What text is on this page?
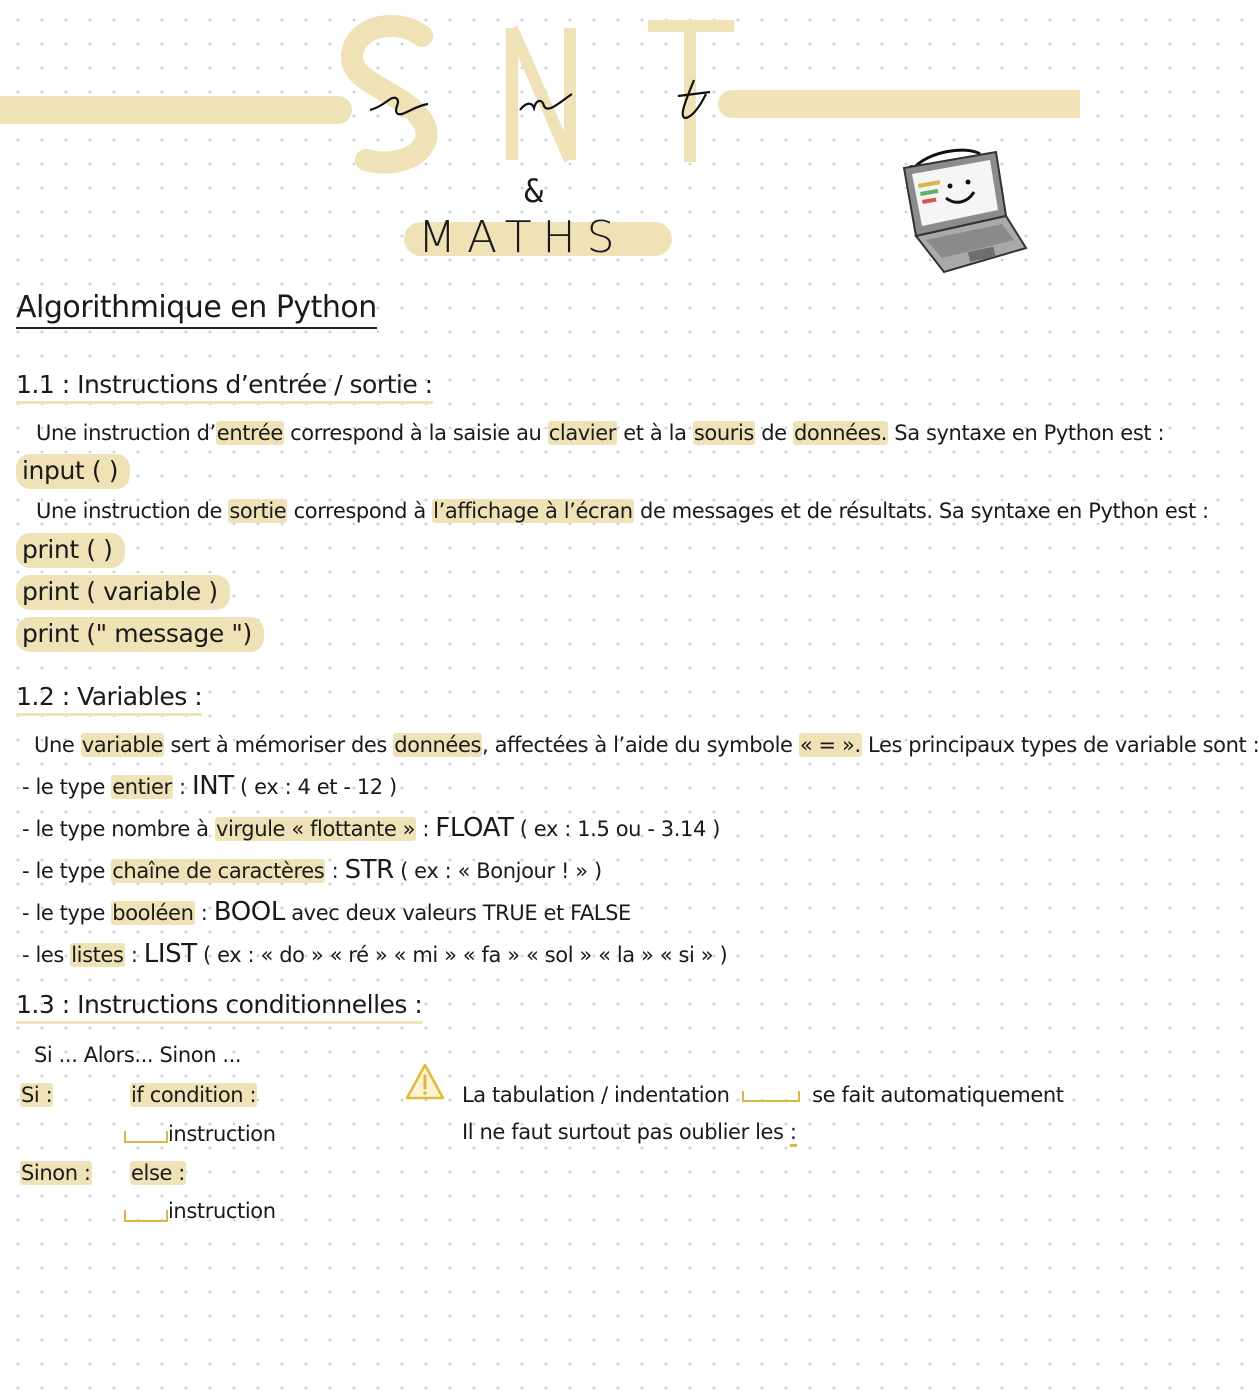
&
MATHS
Algorithmique en Python
1.1 : Instructions d’entrée / sortie :
Une instruction d’entrée correspond à la saisie au clavier et à la souris de données. Sa syntaxe en Python est :
input ( )
Une instruction de sortie correspond à l’affichage à l’écran de messages et de résultats. Sa syntaxe en Python est :
print ( )
print ( variable )
print (" message ")
1.2 : Variables :
Une variable sert à mémoriser des données, affectées à l’aide du symbole « = ». Les principaux types de variable sont :
- le type entier : INT ( ex : 4 et - 12 )
- le type nombre à virgule « flottante » : FLOAT ( ex : 1.5 ou - 3.14 )
- le type chaîne de caractères : STR ( ex : « Bonjour ! » )
- le type booléen : BOOL avec deux valeurs TRUE et FALSE
- les listes : LIST ( ex : « do » « ré » « mi » « fa » « sol » « la » « si » )
1.3 : Instructions conditionnelles :
Si ... Alors... Sinon ...
Si :	if condition :
instruction
Sinon : else :
instruction
La tabulation / indentation	se fait automatiquement
Il ne faut surtout pas oublier les :
